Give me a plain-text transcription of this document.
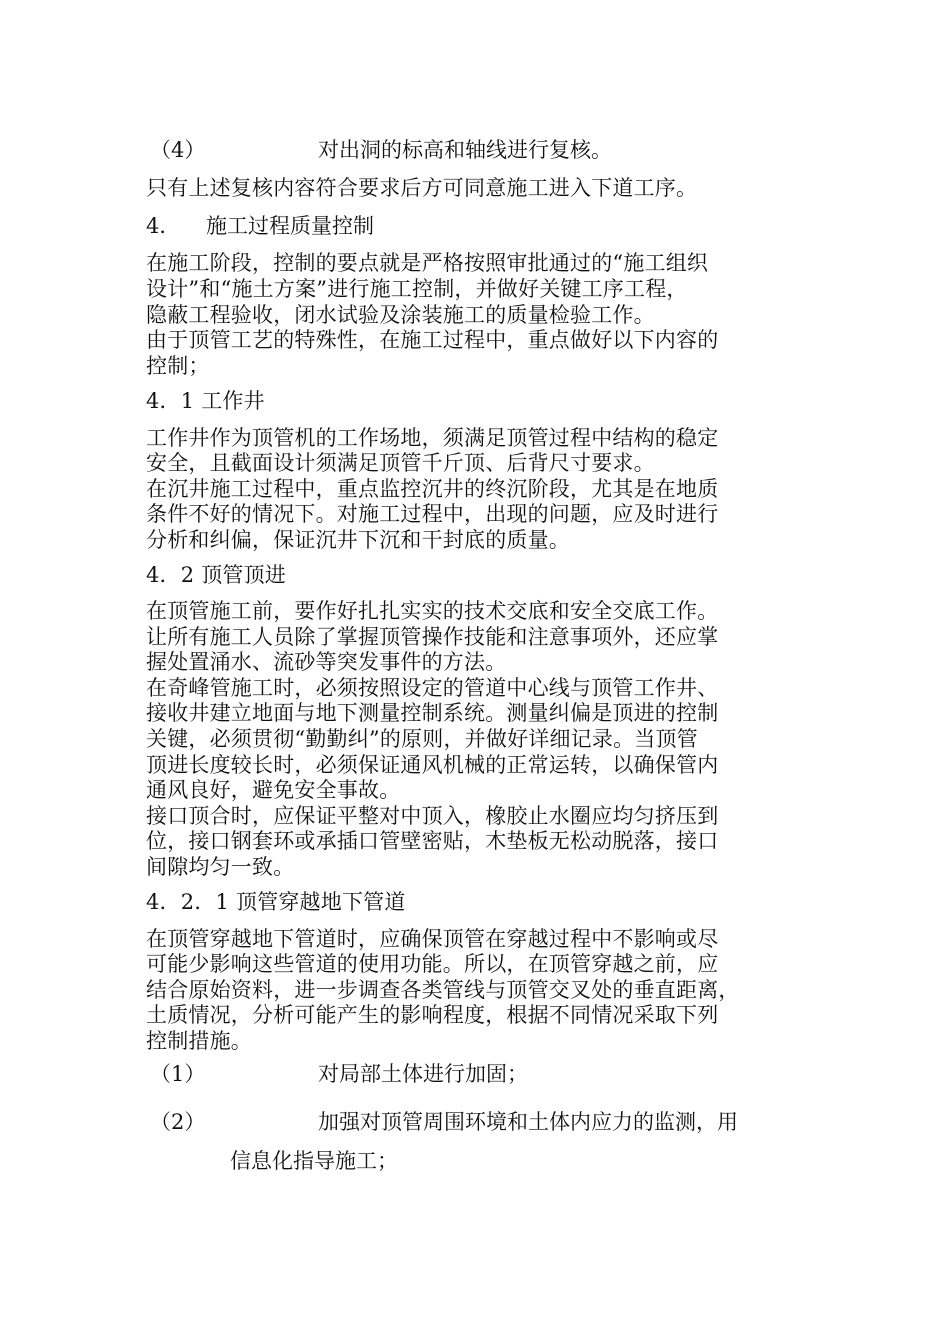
（4）	对出洞的标高和轴线进行复核。
只有上述复核内容符合要求后方可同意施工进入下道工序。
4． 施工过程质量控制
在施工阶段，控制的要点就是严格按照审批通过的“施工组织
设计”和“施土方案”进行施工控制，并做好关键工序工程，
隐蔽工程验收，闭水试验及涂装施工的质量检验工作。
由于顶管工艺的特殊性，在施工过程中，重点做好以下内容的
控制；
4．1 工作井
工作井作为顶管机的工作场地，须满足顶管过程中结构的稳定
安全，且截面设计须满足顶管千斤顶、后背尺寸要求。
在沉井施工过程中，重点监控沉井的终沉阶段，尤其是在地质
条件不好的情况下。对施工过程中，出现的问题，应及时进行
分析和纠偏，保证沉井下沉和干封底的质量。
4．2 顶管顶进
在顶管施工前，要作好扎扎实实的技术交底和安全交底工作。
让所有施工人员除了掌握顶管操作技能和注意事项外，还应掌
握处置涌水、流砂等突发事件的方法。
在奇峰管施工时，必须按照设定的管道中心线与顶管工作井、
接收井建立地面与地下测量控制系统。测量纠偏是顶进的控制
关键，必须贯彻“勤勤纠”的原则，并做好详细记录。当顶管
顶进长度较长时，必须保证通风机械的正常运转，以确保管内
通风良好，避免安全事故。
接口顶合时，应保证平整对中顶入，橡胶止水圈应均匀挤压到
位，接口钢套环或承插口管壁密贴，木垫板无松动脱落，接口
间隙均匀一致。
4．2．1 顶管穿越地下管道
在顶管穿越地下管道时，应确保顶管在穿越过程中不影响或尽
可能少影响这些管道的使用功能。所以，在顶管穿越之前，应
结合原始资料，进一步调查各类管线与顶管交叉处的垂直距离，
土质情况，分析可能产生的影响程度，根据不同情况采取下列
控制措施。
（1）	对局部土体进行加固；
（2）	加强对顶管周围环境和土体内应力的监测，用
信息化指导施工；
